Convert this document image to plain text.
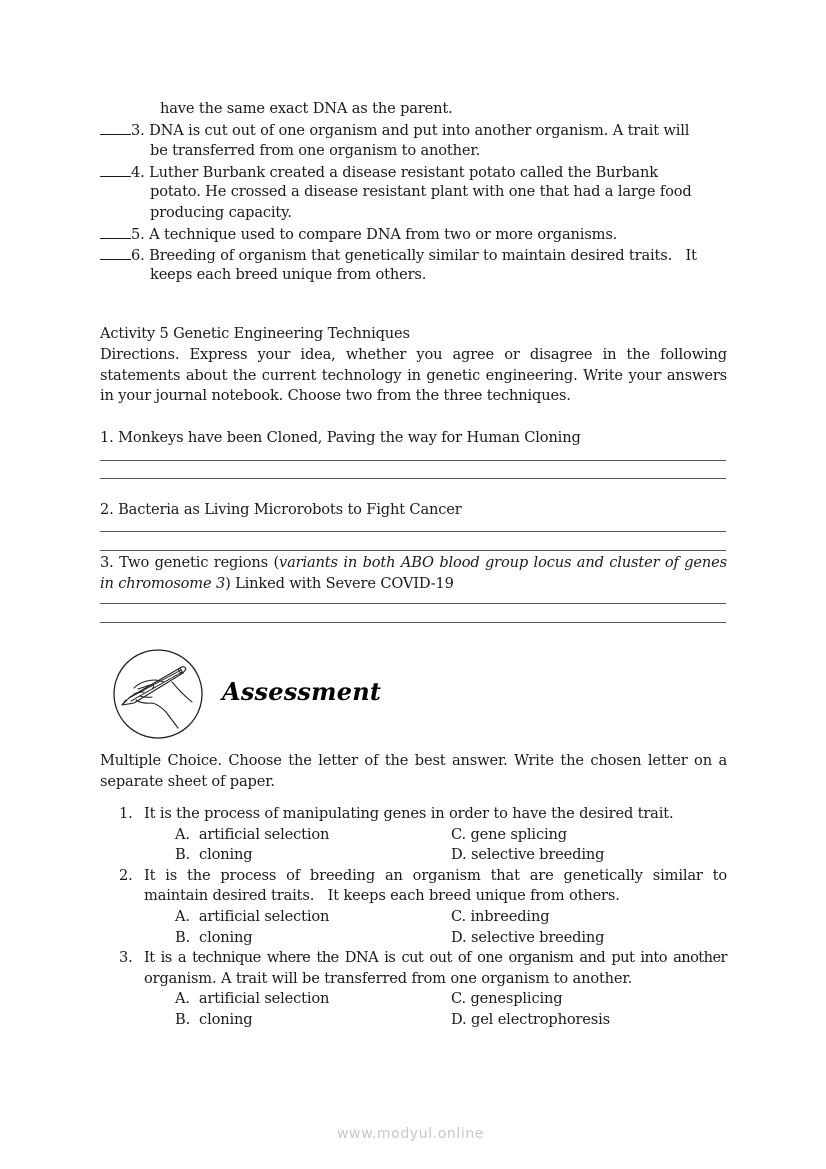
have the same exact DNA as the parent.
3. DNA is cut out of one organism and put into another organism. A trait will
be transferred from one organism to another.
4. Luther Burbank created a disease resistant potato called the Burbank
potato. He crossed a disease resistant plant with one that had a large food
producing capacity.
5. A technique used to compare DNA from two or more organisms.
6. Breeding of organism that genetically similar to maintain desired traits.   It
keeps each breed unique from others.
Activity 5 Genetic Engineering Techniques
Directions. Express your idea, whether you agree or disagree in the following statements about the current technology in genetic engineering. Write your answers in your journal notebook. Choose two from the three techniques.
1. Monkeys have been Cloned, Paving the way for Human Cloning
2. Bacteria as Living Microrobots to Fight Cancer
3. Two genetic regions (variants in both ABO blood group locus and cluster of genes in chromosome 3) Linked with Severe COVID-19
Assessment
Multiple Choice. Choose the letter of the best answer. Write the chosen letter on a separate sheet of paper.
1. It is the process of manipulating genes in order to have the desired trait.
A.  artificial selection	C. gene splicing
B.  cloning	D. selective breeding
2. It is the process of breeding an organism that are genetically similar to
maintain desired traits.   It keeps each breed unique from others.
A.  artificial selection	C. inbreeding
B.  cloning	D. selective breeding
3. It is a technique where the DNA is cut out of one organism and put into another
organism. A trait will be transferred from one organism to another.
A.  artificial selection	C. genesplicing
B.  cloning	D. gel electrophoresis
www.modyul.online
